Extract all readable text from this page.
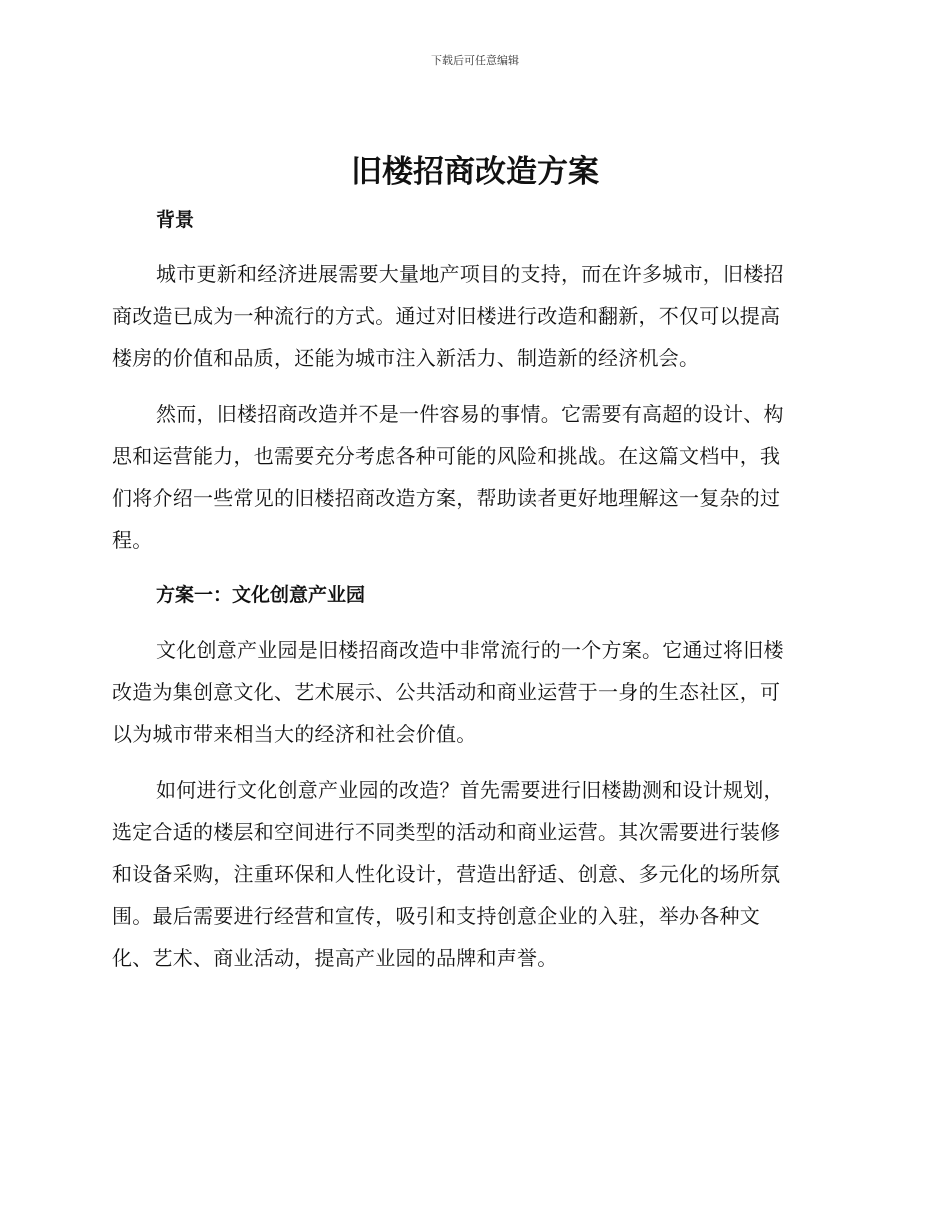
下载后可任意编辑
旧楼招商改造方案
背景

城市更新和经济进展需要大量地产项目的支持，而在许多城市，旧楼招
商改造已成为一种流行的方式。通过对旧楼进行改造和翻新，不仅可以提高
楼房的价值和品质，还能为城市注入新活力、制造新的经济机会。

然而，旧楼招商改造并不是一件容易的事情。它需要有高超的设计、构
思和运营能力，也需要充分考虑各种可能的风险和挑战。在这篇文档中，我
们将介绍一些常见的旧楼招商改造方案，帮助读者更好地理解这一复杂的过
程。

方案一：文化创意产业园

文化创意产业园是旧楼招商改造中非常流行的一个方案。它通过将旧楼
改造为集创意文化、艺术展示、公共活动和商业运营于一身的生态社区，可
以为城市带来相当大的经济和社会价值。

如何进行文化创意产业园的改造？首先需要进行旧楼勘测和设计规划，
选定合适的楼层和空间进行不同类型的活动和商业运营。其次需要进行装修
和设备采购，注重环保和人性化设计，营造出舒适、创意、多元化的场所氛
围。最后需要进行经营和宣传，吸引和支持创意企业的入驻，举办各种文
化、艺术、商业活动，提高产业园的品牌和声誉。
